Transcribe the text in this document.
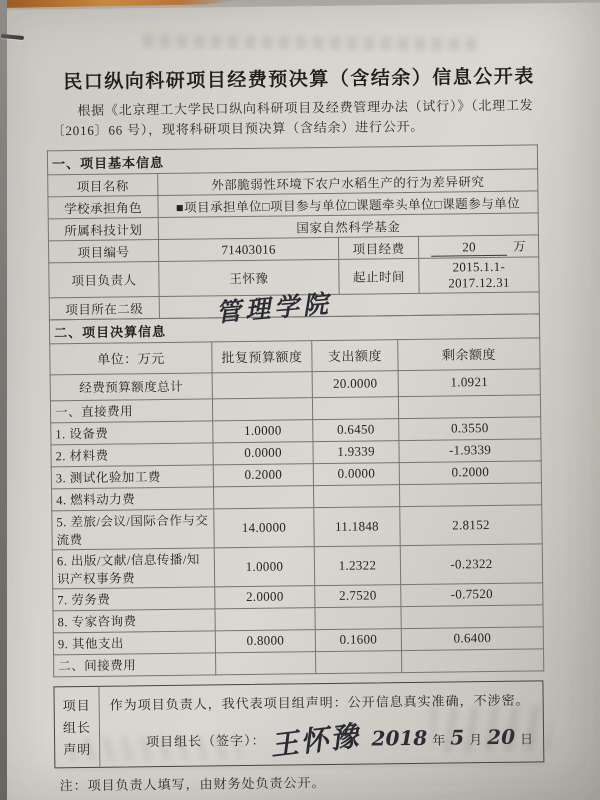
民口纵向科研项目经费预决算（含结余）信息公开表

根据《北京理工大学民口纵向科研项目及经费管理办法（试行）》（北理工发〔2016〕66 号），现将科研项目预决算（含结余）进行公开。

一、项目基本信息			
项目名称	外部脆弱性环境下农户水稻生产的行为差异研究		
学校承担角色	■项目承担单位□项目参与单位□课题牵头单位□课题参与单位		
所属科技计划	国家自然科学基金		
项目编号	71403016	项目经费	20 万
项目负责人	王怀豫	起止时间	2015.1.1-2017.12.31
项目所在二级	管理学院		
二、项目决算信息			
单位：万元	批复预算额度	支出额度	剩余额度
经费预算额度总计		20.0000	1.0921
一、直接费用			
1. 设备费	1.0000	0.6450	0.3550
2. 材料费	0.0000	1.9339	-1.9339
3. 测试化验加工费	0.2000	0.0000	0.2000
4. 燃料动力费			
5. 差旅/会议/国际合作与交流费	14.0000	11.1848	2.8152
6. 出版/文献/信息传播/知识产权事务费	1.0000	1.2322	-0.2322
7. 劳务费	2.0000	2.7520	-0.7520
8. 专家咨询费			
9. 其他支出	0.8000	0.1600	0.6400
二、间接费用			
项目
组长
声明
作为项目负责人，我代表项目组声明：公开信息真实准确，不涉密。
项目组长（签字）： 王怀豫 2018 年 5 月 20 日

注：项目负责人填写，由财务处负责公开。
